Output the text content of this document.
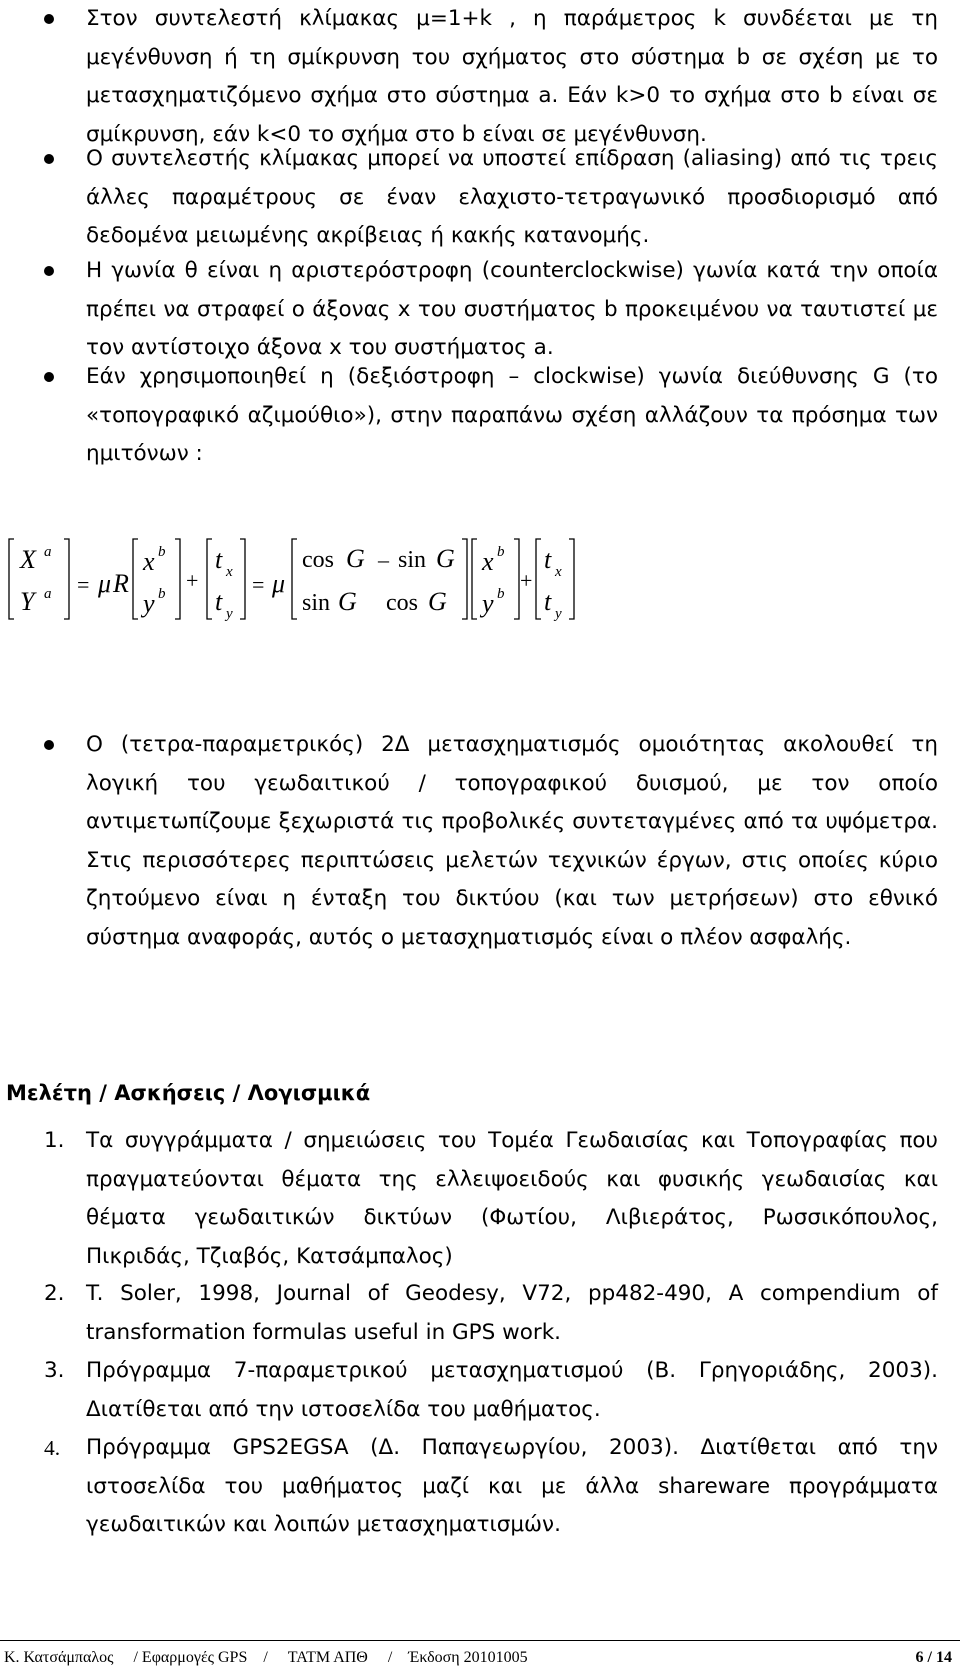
Στον συντελεστή κλίμακας μ=1+k , η παράμετρος k συνδέεται με τη μεγένθυνση ή τη σμίκρυνση του σχήματος στο σύστημα b σε σχέση με το μετασχηματιζόμενο σχήμα στο σύστημα a. Εάν k>0 το σχήμα στο b είναι σε σμίκρυνση, εάν k<0 το σχήμα στο b είναι σε μεγένθυνση.

Ο συντελεστής κλίμακας μπορεί να υποστεί επίδραση (aliasing) από τις τρεις άλλες παραμέτρους σε έναν ελαχιστο-τετραγωνικό προσδιορισμό από δεδομένα μειωμένης ακρίβειας ή κακής κατανομής.

Η γωνία θ είναι η αριστερόστροφη (counterclockwise) γωνία κατά την οποία πρέπει να στραφεί ο άξονας x του συστήματος b προκειμένου να ταυτιστεί με τον αντίστοιχο άξονα x του συστήματος a.

Εάν χρησιμοποιηθεί η (δεξιόστροφη – clockwise) γωνία διεύθυνσης G (το «τοπογραφικό αζιμούθιο»), στην παραπάνω σχέση αλλάζουν τα πρόσημα των ημιτόνων :

Ο (τετρα-παραμετρικός) 2Δ μετασχηματισμός ομοιότητας ακολουθεί τη λογική του γεωδαιτικού / τοπογραφικού δυισμού, με τον οποίο αντιμετωπίζουμε ξεχωριστά τις προβολικές συντεταγμένες από τα υψόμετρα. Στις περισσότερες περιπτώσεις μελετών τεχνικών έργων, στις οποίες κύριο ζητούμενο είναι η ένταξη του δικτύου (και των μετρήσεων) στο εθνικό σύστημα αναφοράς, αυτός ο μετασχηματισμός είναι ο πλέον ασφαλής.

X a
Y a = μ R
x b
y b
+
t x
t y
= μ
cos G – sin G
sin G cos G
x b
y b
+
t x
t y
Μελέτη / Ασκήσεις / Λογισμικά
1. Τα συγγράμματα / σημειώσεις του Τομέα Γεωδαισίας και Τοπογραφίας που πραγματεύονται θέματα της ελλειψοειδούς και φυσικής γεωδαισίας και θέματα γεωδαιτικών δικτύων (Φωτίου, Λιβιεράτος, Ρωσσικόπουλος, Πικριδάς, Τζιαβός, Κατσάμπαλος)

2. T. Soler, 1998, Journal of Geodesy, V72, pp482-490, A compendium of transformation formulas useful in GPS work.

3. Πρόγραμμα 7-παραμετρικού μετασχηματισμού (Β. Γρηγοριάδης, 2003). Διατίθεται από την ιστοσελίδα του μαθήματος.

4. Πρόγραμμα GPS2EGSA (Δ. Παπαγεωργίου, 2003). Διατίθεται από την ιστοσελίδα του μαθήματος μαζί και με άλλα shareware προγράμματα γεωδαιτικών και λοιπών μετασχηματισμών.

Κ. Κατσάμπαλος     / Εφαρμογές GPS    /     ΤΑΤΜ ΑΠΘ     /    Έκδοση 20101005	6 / 14
